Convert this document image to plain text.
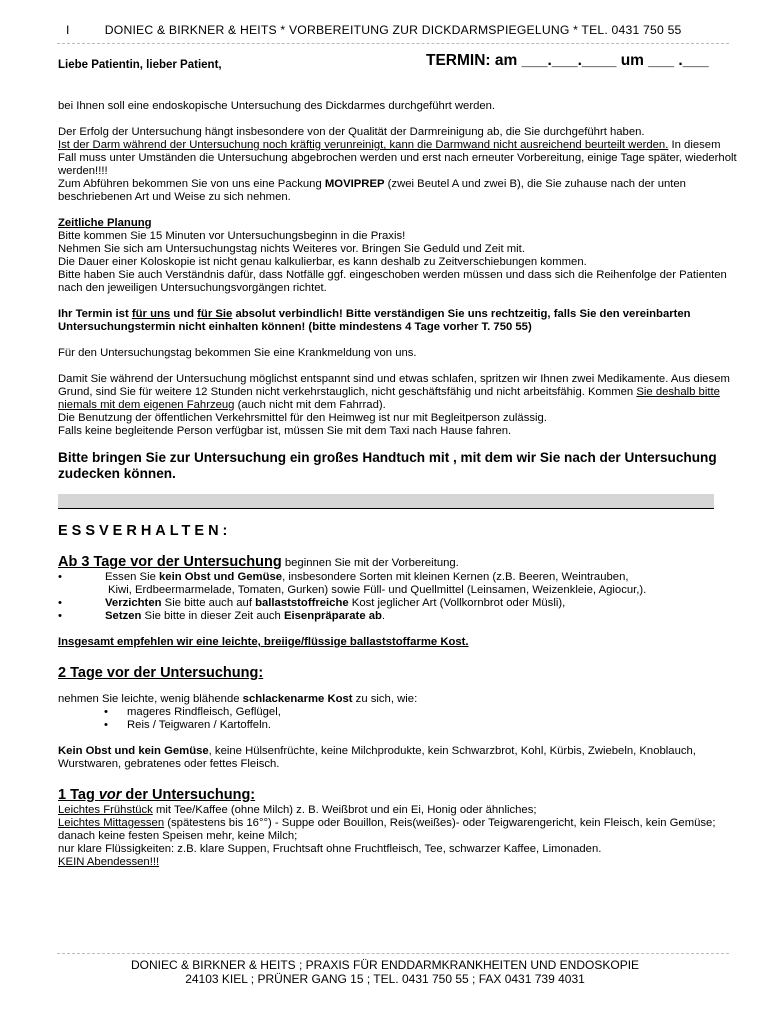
I	DONIEC & BIRKNER & HEITS * VORBEREITUNG ZUR DICKDARMSPIEGELUNG * TEL. 0431 750 55
Liebe Patientin, lieber Patient,	TERMIN: am ___.___.____ um ___ .___

bei Ihnen soll eine endoskopische Untersuchung des Dickdarmes durchgeführt werden.

Der Erfolg der Untersuchung hängt insbesondere von der Qualität der Darmreinigung ab, die Sie durchgeführt haben.
Ist der Darm während der Untersuchung noch kräftig verunreinigt, kann die Darmwand nicht ausreichend beurteilt werden. In diesem Fall muss unter Umständen die Untersuchung abgebrochen werden und erst nach erneuter Vorbereitung, einige Tage später, wiederholt werden!!!!
Zum Abführen bekommen Sie von uns eine Packung MOVIPREP (zwei Beutel A und zwei B), die Sie zuhause nach der unten beschriebenen Art und Weise zu sich nehmen.

Zeitliche Planung
Bitte kommen Sie 15 Minuten vor Untersuchungsbeginn in die Praxis!
Nehmen Sie sich am Untersuchungstag nichts Weiteres vor. Bringen Sie Geduld und Zeit mit.
Die Dauer einer Koloskopie ist nicht genau kalkulierbar, es kann deshalb zu Zeitverschiebungen kommen.
Bitte haben Sie auch Verständnis dafür, dass Notfälle ggf. eingeschoben werden müssen und dass sich die Reihenfolge der Patienten nach den jeweiligen Untersuchungsvorgängen richtet.

Ihr Termin ist für uns und für Sie absolut verbindlich! Bitte verständigen Sie uns rechtzeitig, falls Sie den vereinbarten Untersuchungstermin nicht einhalten können! (bitte mindestens 4 Tage vorher T. 750 55)

Für den Untersuchungstag bekommen Sie eine Krankmeldung von uns.

Damit Sie während der Untersuchung möglichst entspannt sind und etwas schlafen, spritzen wir Ihnen zwei Medikamente. Aus diesem Grund, sind Sie für weitere 12 Stunden nicht verkehrstauglich, nicht geschäftsfähig und nicht arbeitsfähig. Kommen Sie deshalb bitte niemals mit dem eigenen Fahrzeug (auch nicht mit dem Fahrrad).
Die Benutzung der öffentlichen Verkehrsmittel für den Heimweg ist nur mit Begleitperson zulässig.
Falls keine begleitende Person verfügbar ist, müssen Sie mit dem Taxi nach Hause fahren.

Bitte bringen Sie zur Untersuchung ein großes Handtuch mit , mit dem wir Sie nach der Untersuchung zudecken können.

ESSVERHALTEN:
Ab 3 Tage vor der Untersuchung beginnen Sie mit der Vorbereitung.
•	Essen Sie kein Obst und Gemüse, insbesondere Sorten mit kleinen Kernen (z.B. Beeren, Weintrauben,
Kiwi, Erdbeermarmelade, Tomaten, Gurken) sowie Füll- und Quellmittel (Leinsamen, Weizenkleie, Agiocur,).
•	Verzichten Sie bitte auch auf ballaststoffreiche Kost jeglicher Art (Vollkornbrot oder Müsli),
•	Setzen Sie bitte in dieser Zeit auch Eisenpräparate ab.

Insgesamt empfehlen wir eine leichte, breiige/flüssige ballaststoffarme Kost.

2 Tage vor der Untersuchung:

nehmen Sie leichte, wenig blähende schlackenarme Kost zu sich, wie:

• mageres Rindfleisch, Geflügel,
• Reis / Teigwaren / Kartoffeln.

Kein Obst und kein Gemüse, keine Hülsenfrüchte, keine Milchprodukte, kein Schwarzbrot, Kohl, Kürbis, Zwiebeln, Knoblauch, Wurstwaren, gebratenes oder fettes Fleisch.

1 Tag vor der Untersuchung:

Leichtes Frühstück mit Tee/Kaffee (ohne Milch) z. B. Weißbrot und ein Ei, Honig oder ähnliches;

Leichtes Mittagessen (spätestens bis 16°°) - Suppe oder Bouillon, Reis(weißes)- oder Teigwarengericht, kein Fleisch, kein Gemüse; danach keine festen Speisen mehr, keine Milch;

nur klare Flüssigkeiten: z.B. klare Suppen, Fruchtsaft ohne Fruchtfleisch, Tee, schwarzer Kaffee, Limonaden.

KEIN Abendessen!!!

DONIEC & BIRKNER & HEITS ; PRAXIS FÜR ENDDARMKRANKHEITEN UND ENDOSKOPIE
24103 KIEL ; PRÜNER GANG 15 ; TEL. 0431 750 55 ; FAX 0431 739 4031
